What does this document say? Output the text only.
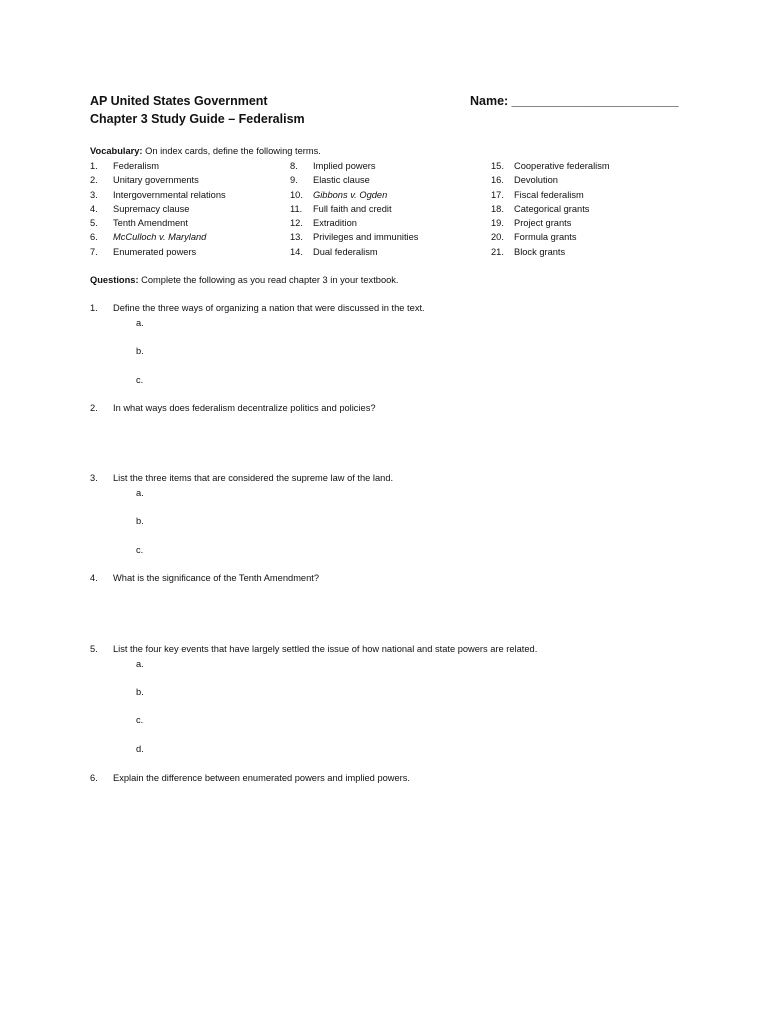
AP United States Government
Chapter 3 Study Guide – Federalism
Name: ________________________
Vocabulary: On index cards, define the following terms.
1. Federalism
2. Unitary governments
3. Intergovernmental relations
4. Supremacy clause
5. Tenth Amendment
6. McCulloch v. Maryland
7. Enumerated powers
8. Implied powers
9. Elastic clause
10. Gibbons v. Ogden
11. Full faith and credit
12. Extradition
13. Privileges and immunities
14. Dual federalism
15. Cooperative federalism
16. Devolution
17. Fiscal federalism
18. Categorical grants
19. Project grants
20. Formula grants
21. Block grants
Questions: Complete the following as you read chapter 3 in your textbook.
1. Define the three ways of organizing a nation that were discussed in the text.
a.
b.
c.
2. In what ways does federalism decentralize politics and policies?
3. List the three items that are considered the supreme law of the land.
a.
b.
c.
4. What is the significance of the Tenth Amendment?
5. List the four key events that have largely settled the issue of how national and state powers are related.
a.
b.
c.
d.
6. Explain the difference between enumerated powers and implied powers.
